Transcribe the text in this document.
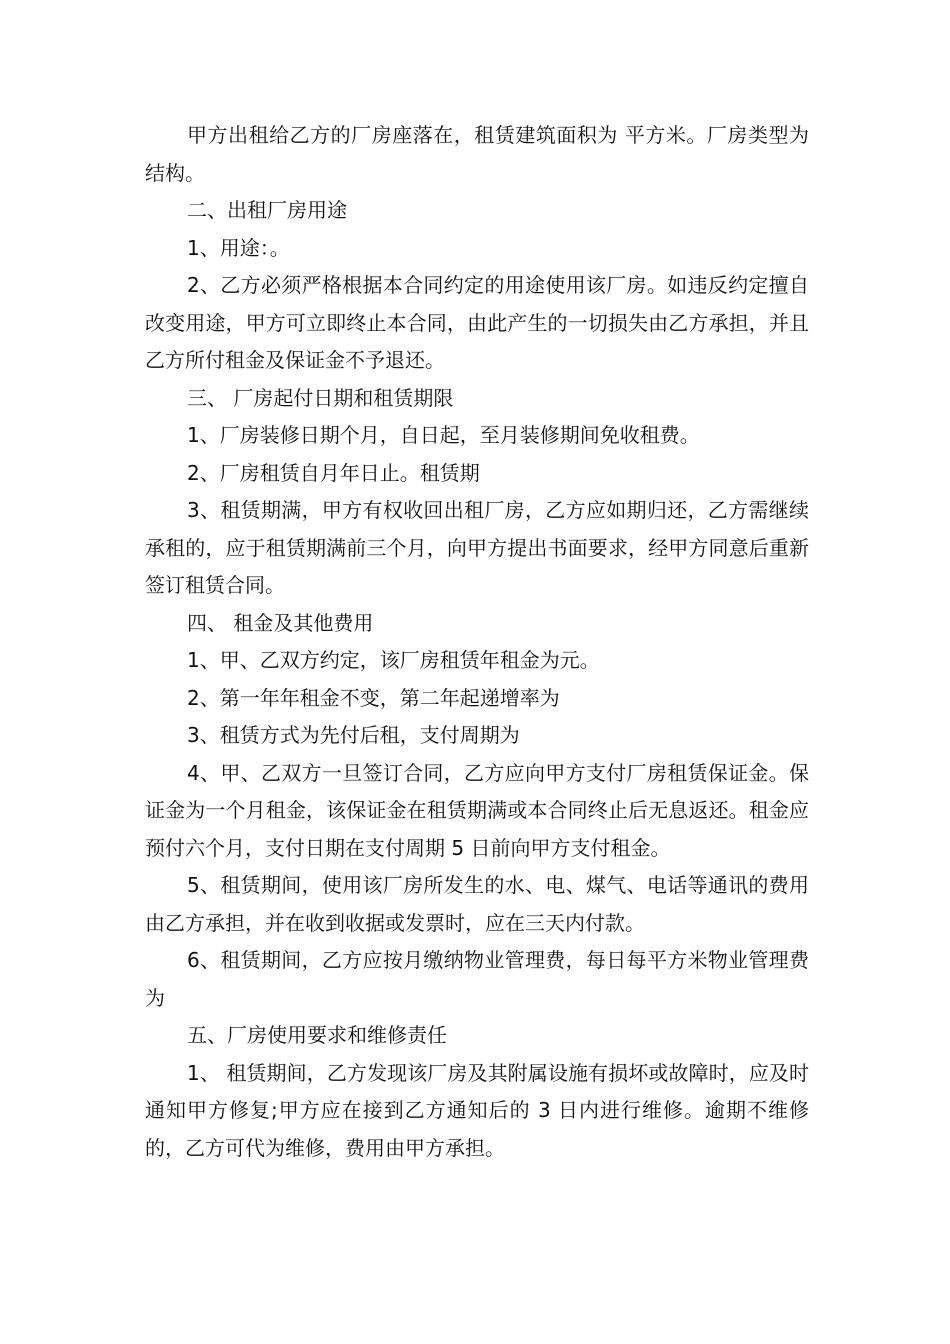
甲方出租给乙方的厂房座落在，租赁建筑面积为 平方米。厂房类型为结构。

二、出租厂房用途

1、用途：。

2、乙方必须严格根据本合同约定的用途使用该厂房。如违反约定擅自改变用途，甲方可立即终止本合同，由此产生的一切损失由乙方承担，并且乙方所付租金及保证金不予退还。

三、 厂房起付日期和租赁期限

1、厂房装修日期个月，自日起，至月装修期间免收租费。

2、厂房租赁自月年日止。租赁期

3、租赁期满，甲方有权收回出租厂房，乙方应如期归还，乙方需继续承租的，应于租赁期满前三个月，向甲方提出书面要求，经甲方同意后重新签订租赁合同。

四、 租金及其他费用

1、甲、乙双方约定，该厂房租赁年租金为元。

2、第一年年租金不变，第二年起递增率为

3、租赁方式为先付后租，支付周期为

4、甲、乙双方一旦签订合同，乙方应向甲方支付厂房租赁保证金。保证金为一个月租金，该保证金在租赁期满或本合同终止后无息返还。租金应预付六个月，支付日期在支付周期 5 日前向甲方支付租金。

5、租赁期间，使用该厂房所发生的水、电、煤气、电话等通讯的费用由乙方承担，并在收到收据或发票时，应在三天内付款。

6、租赁期间，乙方应按月缴纳物业管理费，每日每平方米物业管理费为

五、厂房使用要求和维修责任

1、 租赁期间，乙方发现该厂房及其附属设施有损坏或故障时，应及时通知甲方修复;甲方应在接到乙方通知后的 3 日内进行维修。逾期不维修的，乙方可代为维修，费用由甲方承担。
